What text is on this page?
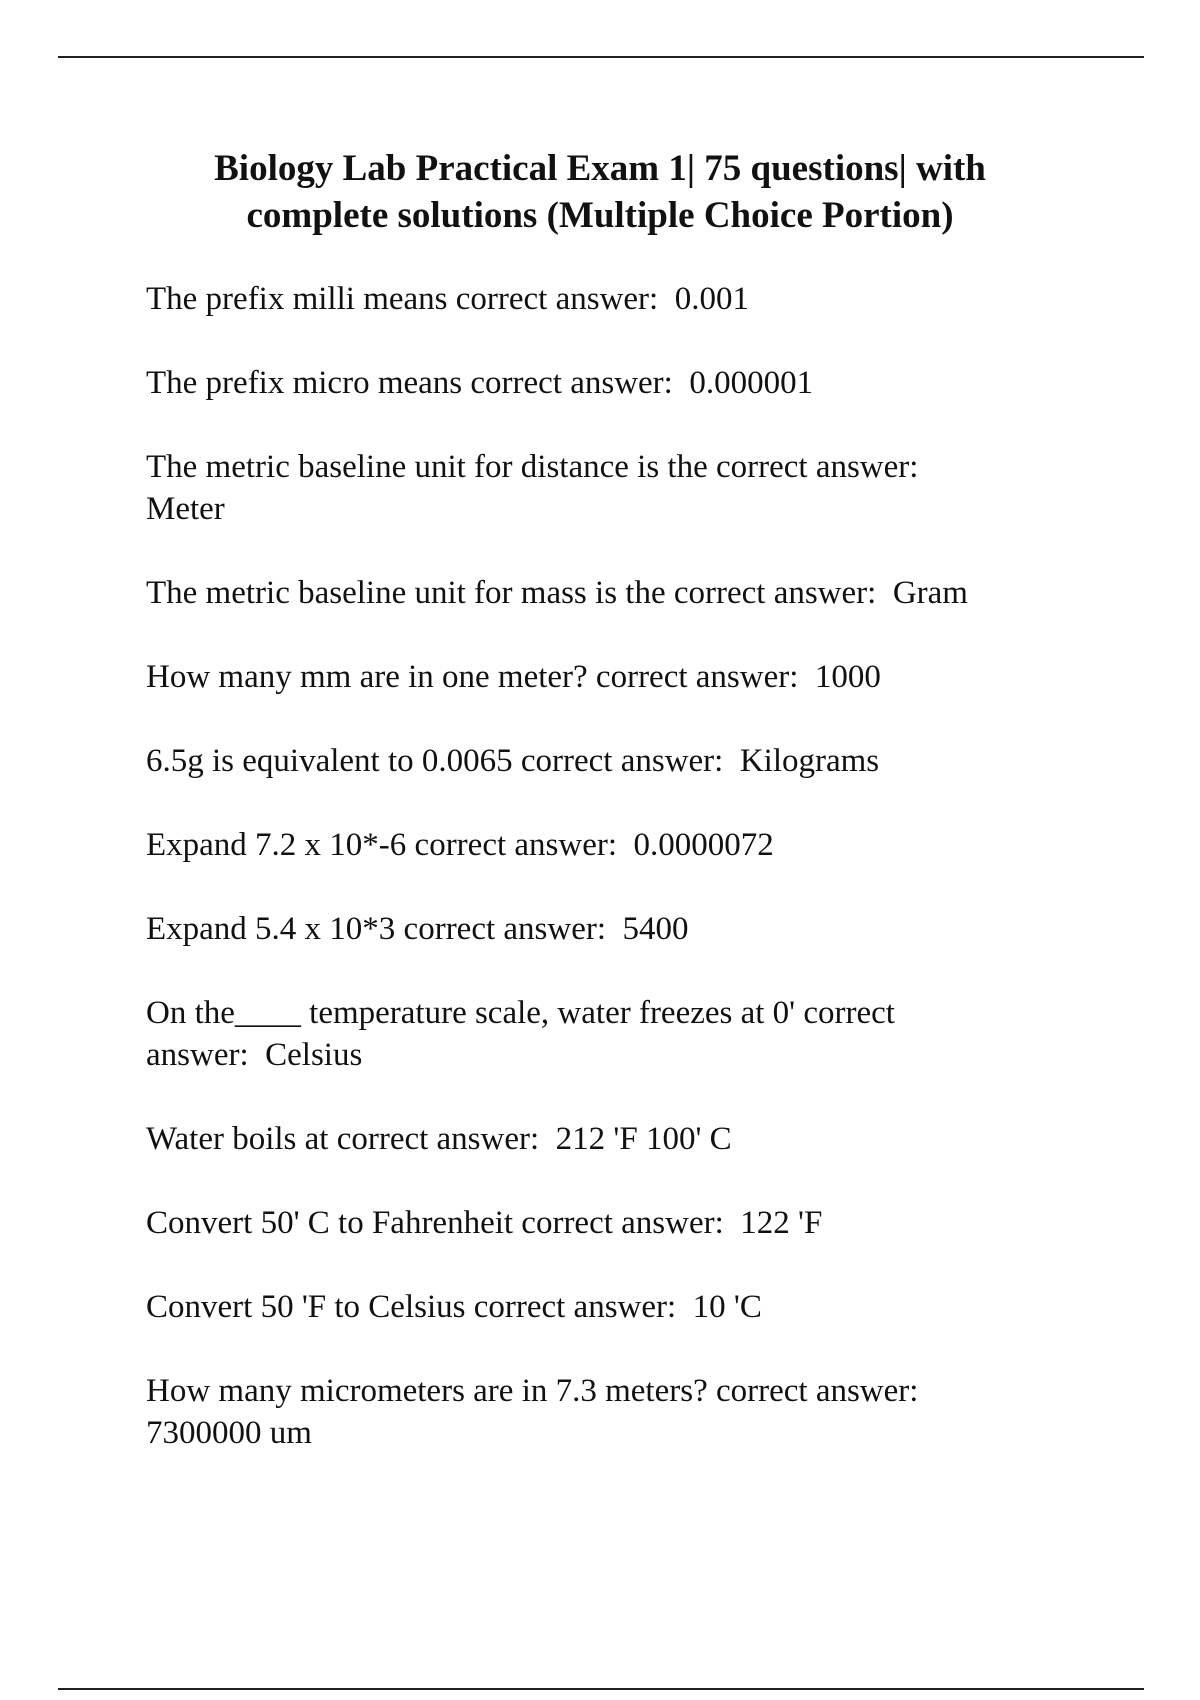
Biology Lab Practical Exam 1| 75 questions| with
complete solutions (Multiple Choice Portion)
The prefix milli means correct answer:  0.001
The prefix micro means correct answer:  0.000001
The metric baseline unit for distance is the correct answer:
Meter
The metric baseline unit for mass is the correct answer:  Gram
How many mm are in one meter? correct answer:  1000
6.5g is equivalent to 0.0065 correct answer:  Kilograms
Expand 7.2 x 10*-6 correct answer:  0.0000072
Expand 5.4 x 10*3 correct answer:  5400
On the____ temperature scale, water freezes at 0' correct
answer:  Celsius
Water boils at correct answer:  212 'F 100' C
Convert 50' C to Fahrenheit correct answer:  122 'F
Convert 50 'F to Celsius correct answer:  10 'C
How many micrometers are in 7.3 meters? correct answer:
7300000 um
